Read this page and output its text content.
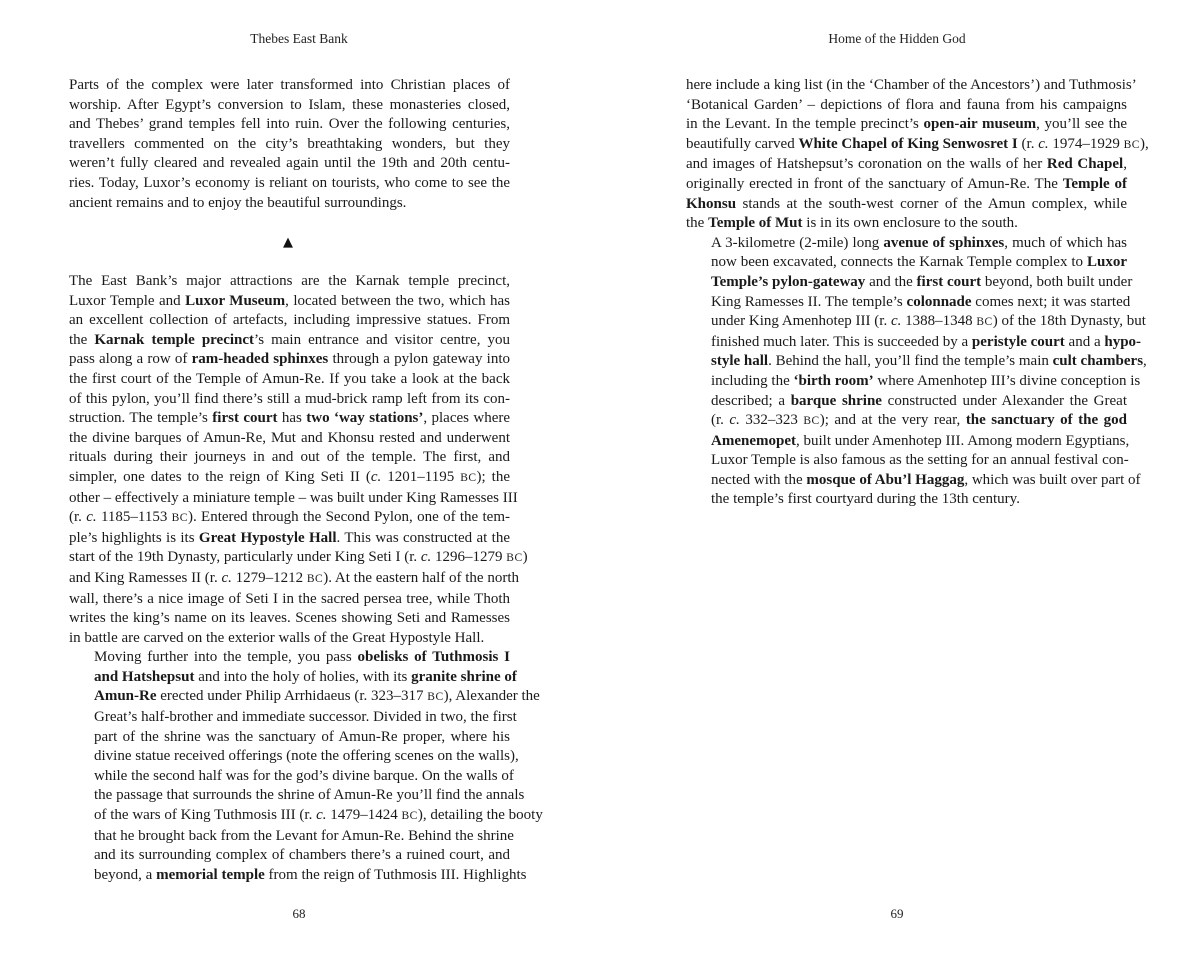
Thebes East Bank

Parts of the complex were later transformed into Christian places of
worship. After Egypt’s conversion to Islam, these monasteries closed,
and Thebes’ grand temples fell into ruin. Over the following centuries,
travellers commented on the city’s breathtaking wonders, but they
weren’t fully cleared and revealed again until the 19th and 20th centu-
ries. Today, Luxor’s economy is reliant on tourists, who come to see the
ancient remains and to enjoy the beautiful surroundings.

▲

The East Bank’s major attractions are the Karnak temple precinct,
Luxor Temple and Luxor Museum, located between the two, which has
an excellent collection of artefacts, including impressive statues. From
the Karnak temple precinct’s main entrance and visitor centre, you
pass along a row of ram-headed sphinxes through a pylon gateway into
the first court of the Temple of Amun-Re. If you take a look at the back
of this pylon, you’ll find there’s still a mud-brick ramp left from its con-
struction. The temple’s first court has two ‘way stations’, places where
the divine barques of Amun-Re, Mut and Khonsu rested and underwent
rituals during their journeys in and out of the temple. The first, and
simpler, one dates to the reign of King Seti II (c. 1201–1195 BC); the
other – effectively a miniature temple – was built under King Ramesses III
(r. c. 1185–1153 BC). Entered through the Second Pylon, one of the tem-
ple’s highlights is its Great Hypostyle Hall. This was constructed at the
start of the 19th Dynasty, particularly under King Seti I (r. c. 1296–1279 BC)
and King Ramesses II (r. c. 1279–1212 BC). At the eastern half of the north
wall, there’s a nice image of Seti I in the sacred persea tree, while Thoth
writes the king’s name on its leaves. Scenes showing Seti and Ramesses
in battle are carved on the exterior walls of the Great Hypostyle Hall.

Moving further into the temple, you pass obelisks of Tuthmosis I
and Hatshepsut and into the holy of holies, with its granite shrine of
Amun-Re erected under Philip Arrhidaeus (r. 323–317 BC), Alexander the
Great’s half-brother and immediate successor. Divided in two, the first
part of the shrine was the sanctuary of Amun-Re proper, where his
divine statue received offerings (note the offering scenes on the walls),
while the second half was for the god’s divine barque. On the walls of
the passage that surrounds the shrine of Amun-Re you’ll find the annals
of the wars of King Tuthmosis III (r. c. 1479–1424 BC), detailing the booty
that he brought back from the Levant for Amun-Re. Behind the shrine
and its surrounding complex of chambers there’s a ruined court, and
beyond, a memorial temple from the reign of Tuthmosis III. Highlights

68
Home of the Hidden God

here include a king list (in the ‘Chamber of the Ancestors’) and Tuthmosis’
‘Botanical Garden’ – depictions of flora and fauna from his campaigns
in the Levant. In the temple precinct’s open-air museum, you’ll see the
beautifully carved White Chapel of King Senwosret I (r. c. 1974–1929 BC),
and images of Hatshepsut’s coronation on the walls of her Red Chapel,
originally erected in front of the sanctuary of Amun-Re. The Temple of
Khonsu stands at the south-west corner of the Amun complex, while
the Temple of Mut is in its own enclosure to the south.

A 3-kilometre (2-mile) long avenue of sphinxes, much of which has
now been excavated, connects the Karnak Temple complex to Luxor
Temple’s pylon-gateway and the first court beyond, both built under
King Ramesses II. The temple’s colonnade comes next; it was started
under King Amenhotep III (r. c. 1388–1348 BC) of the 18th Dynasty, but
finished much later. This is succeeded by a peristyle court and a hypo-
style hall. Behind the hall, you’ll find the temple’s main cult chambers,
including the ‘birth room’ where Amenhotep III’s divine conception is
described; a barque shrine constructed under Alexander the Great
(r. c. 332–323 BC); and at the very rear, the sanctuary of the god
Amenemopet, built under Amenhotep III. Among modern Egyptians,
Luxor Temple is also famous as the setting for an annual festival con-
nected with the mosque of Abu’l Haggag, which was built over part of
the temple’s first courtyard during the 13th century.

69
